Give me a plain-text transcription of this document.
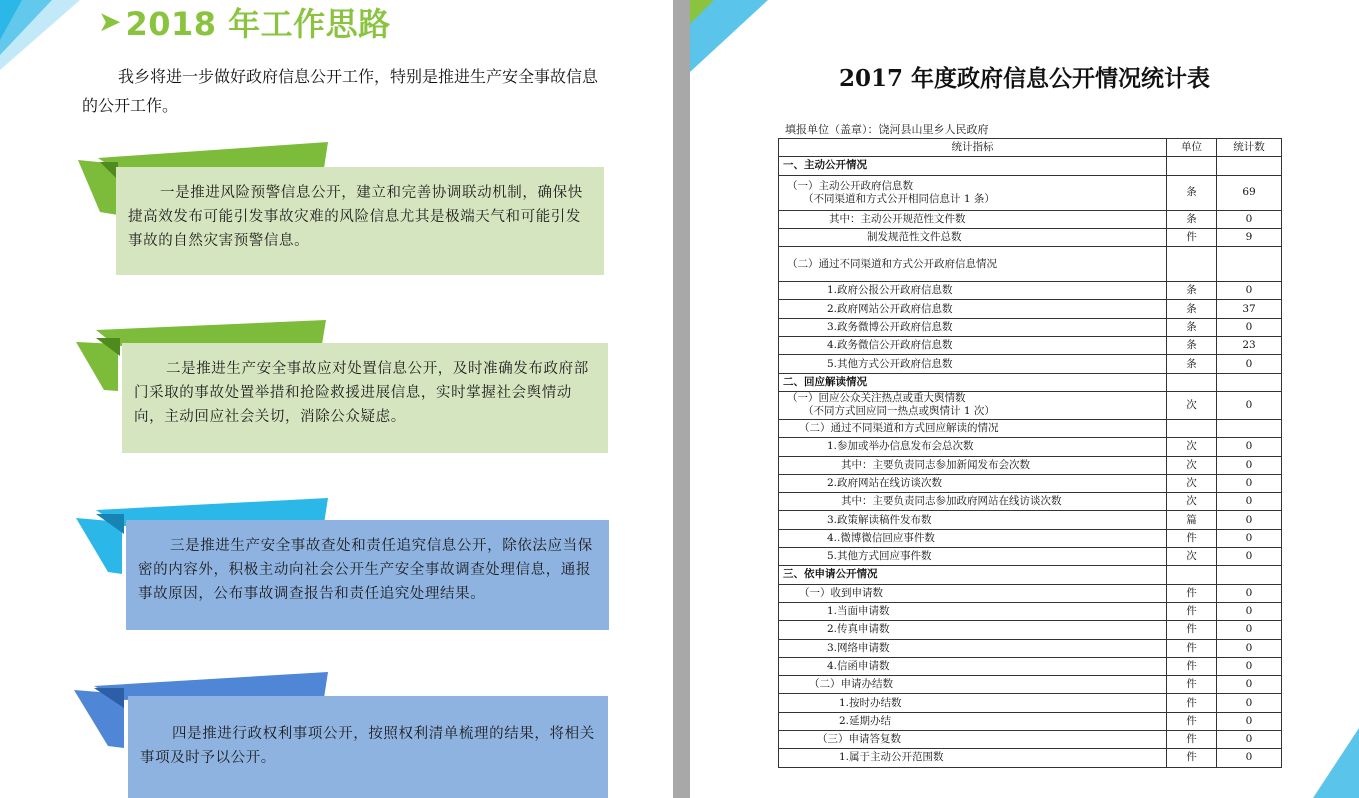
➤ 2018 年工作思路
我乡将进一步做好政府信息公开工作，特别是推进生产安全事故信息的公开工作。
一是推进风险预警信息公开，建立和完善协调联动机制，确保快捷高效发布可能引发事故灾难的风险信息尤其是极端天气和可能引发事故的自然灾害预警信息。
二是推进生产安全事故应对处置信息公开，及时准确发布政府部门采取的事故处置举措和抢险救援进展信息，实时掌握社会舆情动向，主动回应社会关切，消除公众疑虑。
三是推进生产安全事故查处和责任追究信息公开，除依法应当保密的内容外，积极主动向社会公开生产安全事故调查处理信息，通报事故原因，公布事故调查报告和责任追究处理结果。
四是推进行政权利事项公开，按照权利清单梳理的结果，将相关事项及时予以公开。
2017 年度政府信息公开情况统计表
填报单位（盖章）：饶河县山里乡人民政府
统计指标	单位	统计数

一、主动公开情况		

（一）主动公开政府信息数
（不同渠道和方式公开相同信息计 1 条）	条	69

其中：主动公开规范性文件数	条	0

制发规范性文件总数	件	9

（二）通过不同渠道和方式公开政府信息情况		

1.政府公报公开政府信息数	条	0

2.政府网站公开政府信息数	条	37

3.政务微博公开政府信息数	条	0

4.政务微信公开政府信息数	条	23

5.其他方式公开政府信息数	条	0

二、回应解读情况		

（一）回应公众关注热点或重大舆情数
（不同方式回应同一热点或舆情计 1 次）	次	0

（二）通过不同渠道和方式回应解读的情况		

1.参加或举办信息发布会总次数	次	0

其中：主要负责同志参加新闻发布会次数	次	0

2.政府网站在线访谈次数	次	0

其中：主要负责同志参加政府网站在线访谈次数	次	0

3.政策解读稿件发布数	篇	0

4..微博微信回应事件数	件	0

5.其他方式回应事件数	次	0

三、依申请公开情况		

（一）收到申请数	件	0

1.当面申请数	件	0

2.传真申请数	件	0

3.网络申请数	件	0

4.信函申请数	件	0

（二）申请办结数	件	0

1.按时办结数	件	0

2.延期办结	件	0

（三）申请答复数	件	0

1.属于主动公开范围数	件	0
